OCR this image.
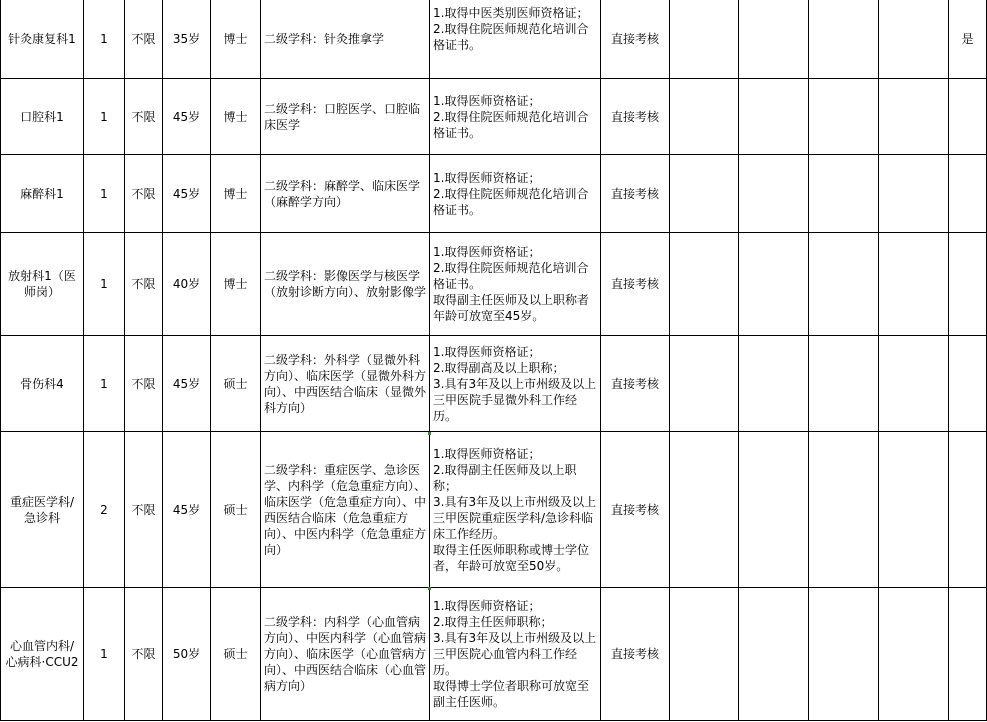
针灸康复科1	1	不限	35岁	博士	二级学科：针灸推拿学	1.取得中医类别医师资格证；
2.取得住院医师规范化培训合格证书。	直接考核					是
口腔科1	1	不限	45岁	博士	二级学科：口腔医学、口腔临床医学	1.取得医师资格证；
2.取得住院医师规范化培训合格证书。	直接考核					
麻醉科1	1	不限	45岁	博士	二级学科：麻醉学、临床医学（麻醉学方向）	1.取得医师资格证；
2.取得住院医师规范化培训合格证书。	直接考核					
放射科1（医师岗）	1	不限	40岁	博士	二级学科：影像医学与核医学（放射诊断方向）、放射影像学	1.取得医师资格证；
2.取得住院医师规范化培训合格证书。
取得副主任医师及以上职称者年龄可放宽至45岁。	直接考核					
骨伤科4	1	不限	45岁	硕士	二级学科：外科学（显微外科方向）、临床医学（显微外科方向）、中西医结合临床（显微外科方向）	1.取得医师资格证；
2.取得副高及以上职称；
3.具有3年及以上市州级及以上三甲医院手显微外科工作经历。	直接考核					
重症医学科/急诊科	2	不限	45岁	硕士	二级学科：重症医学、急诊医学、内科学（危急重症方向）、临床医学（危急重症方向）、中西医结合临床（危急重症方向）、中医内科学（危急重症方向）	1.取得医师资格证；
2.取得副主任医师及以上职称；
3.具有3年及以上市州级及以上三甲医院重症医学科/急诊科临床工作经历。
取得主任医师职称或博士学位者，年龄可放宽至50岁。	直接考核					
心血管内科/心病科·CCU2	1	不限	50岁	硕士	二级学科：内科学（心血管病方向）、中医内科学（心血管病方向）、临床医学（心血管病方向）、中西医结合临床（心血管病方向）	1.取得医师资格证；
2.取得主任医师职称；
3.具有3年及以上市州级及以上三甲医院心血管内科工作经历。
取得博士学位者职称可放宽至副主任医师。	直接考核					
